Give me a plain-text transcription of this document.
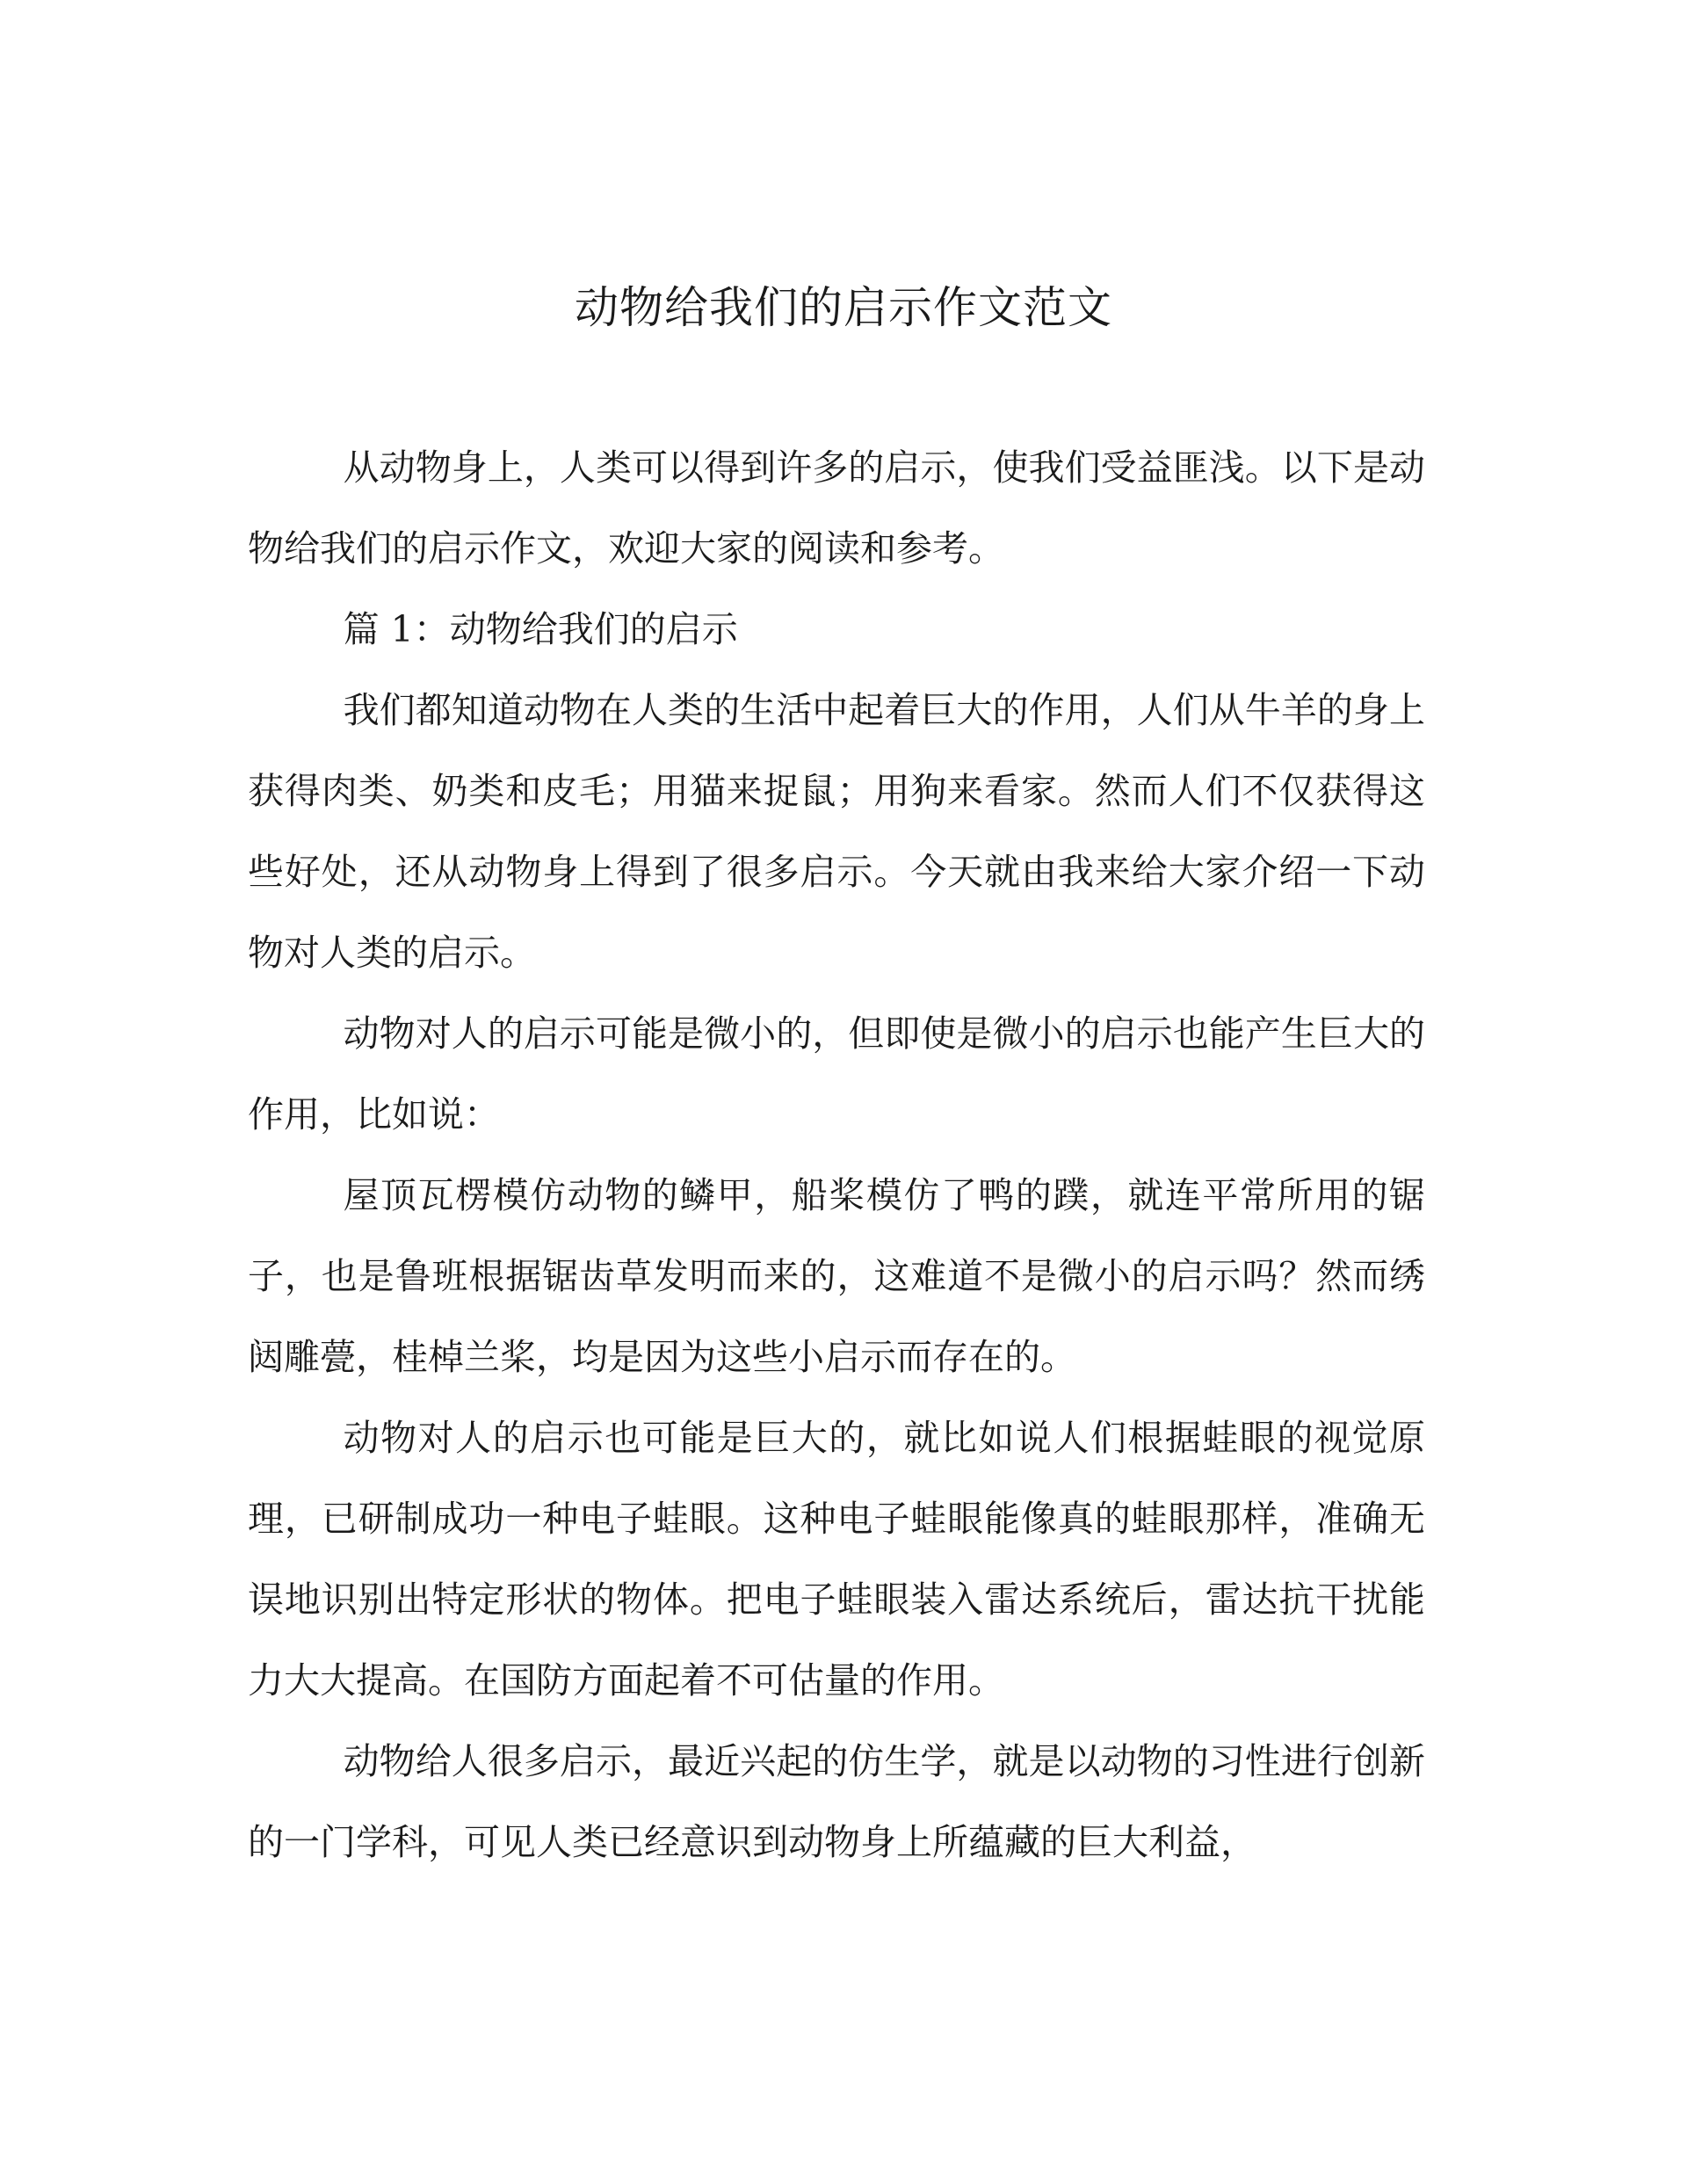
动物给我们的启示作文范文

从动物身上，人类可以得到许多的启示，使我们受益匪浅。以下是动物给我们的启示作文，欢迎大家的阅读和参考。

篇 1：动物给我们的启示

我们都知道动物在人类的生活中起着巨大的作用，人们从牛羊的身上获得肉类、奶类和皮毛；用猫来捉鼠；用狗来看家。然而人们不仅获得这些好处，还从动物身上得到了很多启示。今天就由我来给大家介绍一下动物对人类的启示。

动物对人的启示可能是微小的，但即使是微小的启示也能产生巨大的作用，比如说：

屋顶瓦楞模仿动物的鳞甲，船桨模仿了鸭的蹼，就连平常所用的锯子，也是鲁班根据锯齿草发明而来的，这难道不是微小的启示吗？然而绣闼雕甍，桂棹兰桨，均是因为这些小启示而存在的。

动物对人的启示也可能是巨大的，就比如说人们根据蛙眼的视觉原理，已研制成功一种电子蛙眼。这种电子蛙眼能像真的蛙眼那样，准确无误地识别出特定形状的物体。把电子蛙眼装入雷达系统后，雷达抗干扰能力大大提高。在国防方面起着不可估量的作用。

动物给人很多启示，最近兴起的仿生学，就是以动物的习性进行创新的一门学科，可见人类已经意识到动物身上所蕴藏的巨大利益，
